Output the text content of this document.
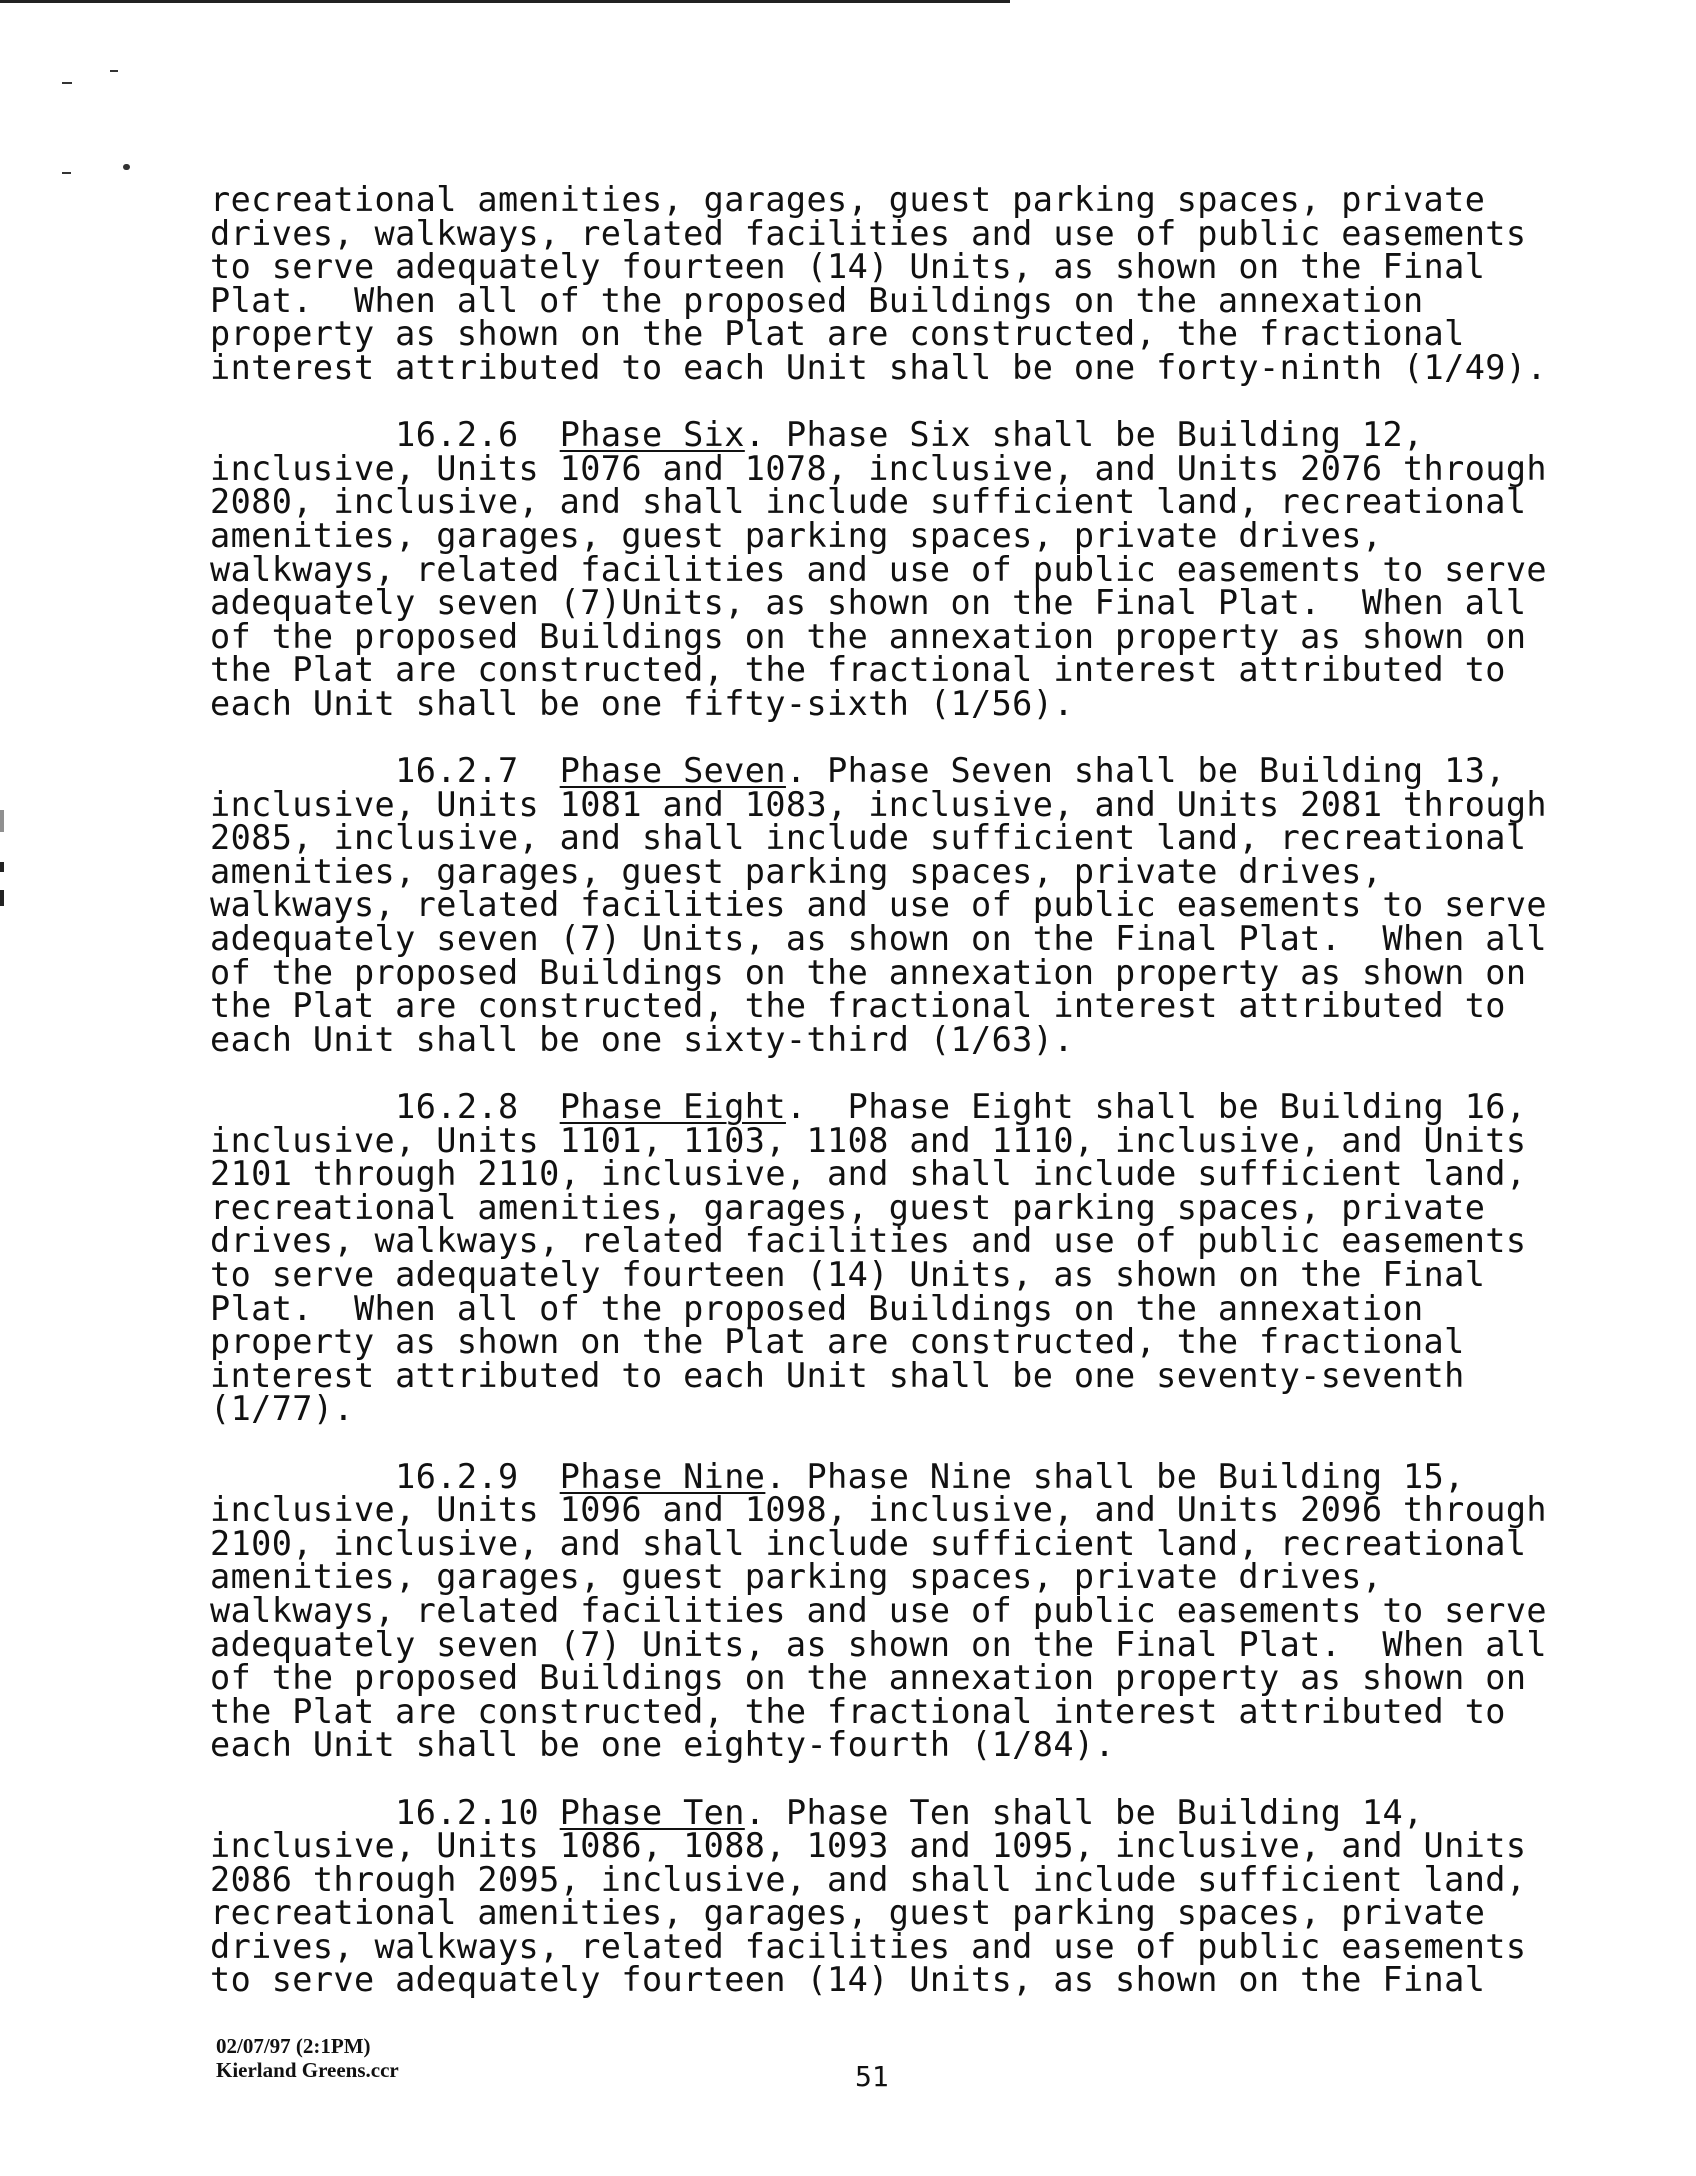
recreational amenities, garages, guest parking spaces, private
drives, walkways, related facilities and use of public easements
to serve adequately fourteen (14) Units, as shown on the Final
Plat.  When all of the proposed Buildings on the annexation
property as shown on the Plat are constructed, the fractional
interest attributed to each Unit shall be one forty-ninth (1/49).

16.2.6 Phase Six. Phase Six shall be Building 12,
inclusive, Units 1076 and 1078, inclusive, and Units 2076 through
2080, inclusive, and shall include sufficient land, recreational
amenities, garages, guest parking spaces, private drives,
walkways, related facilities and use of public easements to serve
adequately seven (7)Units, as shown on the Final Plat.  When all
of the proposed Buildings on the annexation property as shown on
the Plat are constructed, the fractional interest attributed to
each Unit shall be one fifty-sixth (1/56).

16.2.7 Phase Seven. Phase Seven shall be Building 13,
inclusive, Units 1081 and 1083, inclusive, and Units 2081 through
2085, inclusive, and shall include sufficient land, recreational
amenities, garages, guest parking spaces, private drives,
walkways, related facilities and use of public easements to serve
adequately seven (7) Units, as shown on the Final Plat.  When all
of the proposed Buildings on the annexation property as shown on
the Plat are constructed, the fractional interest attributed to
each Unit shall be one sixty-third (1/63).

16.2.8 Phase Eight.  Phase Eight shall be Building 16,
inclusive, Units 1101, 1103, 1108 and 1110, inclusive, and Units
2101 through 2110, inclusive, and shall include sufficient land,
recreational amenities, garages, guest parking spaces, private
drives, walkways, related facilities and use of public easements
to serve adequately fourteen (14) Units, as shown on the Final
Plat.  When all of the proposed Buildings on the annexation
property as shown on the Plat are constructed, the fractional
interest attributed to each Unit shall be one seventy-seventh
(1/77).

16.2.9 Phase Nine. Phase Nine shall be Building 15,
inclusive, Units 1096 and 1098, inclusive, and Units 2096 through
2100, inclusive, and shall include sufficient land, recreational
amenities, garages, guest parking spaces, private drives,
walkways, related facilities and use of public easements to serve
adequately seven (7) Units, as shown on the Final Plat.  When all
of the proposed Buildings on the annexation property as shown on
the Plat are constructed, the fractional interest attributed to
each Unit shall be one eighty-fourth (1/84).

16.2.10 Phase Ten. Phase Ten shall be Building 14,
inclusive, Units 1086, 1088, 1093 and 1095, inclusive, and Units
2086 through 2095, inclusive, and shall include sufficient land,
recreational amenities, garages, guest parking spaces, private
drives, walkways, related facilities and use of public easements
to serve adequately fourteen (14) Units, as shown on the Final

02/07/97 (2:1PM)
Kierland Greens.ccr	51
